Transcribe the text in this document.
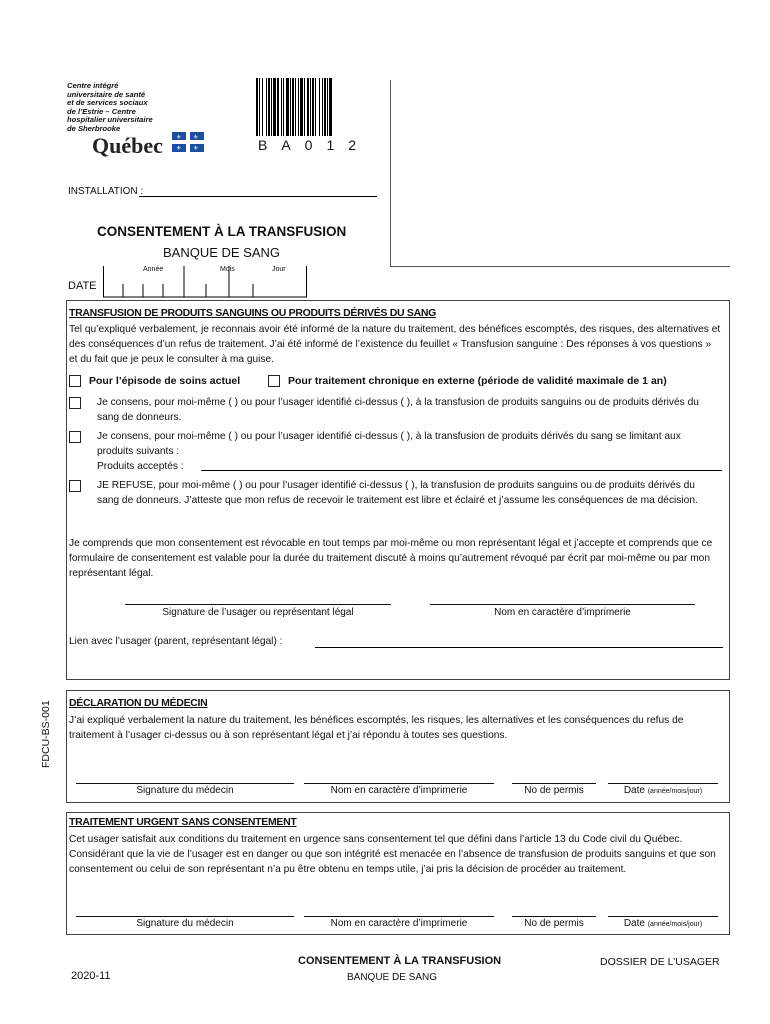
Centre intégré
universitaire de santé
et de services sociaux
de l’Estrie – Centre
hospitalier universitaire
de Sherbrooke
Québec ⚜ ⚜
⚜ ⚜	BA012
INSTALLATION :
CONSENTEMENT À LA TRANSFUSION
BANQUE DE SANG
DATE
Année	Mois	Jour
TRANSFUSION DE PRODUITS SANGUINS OU PRODUITS DÉRIVÉS DU SANG
Tel qu’expliqué verbalement, je reconnais avoir été informé de la nature du traitement, des bénéfices escomptés, des risques, des alternatives et des conséquences d’un refus de traitement. J’ai été informé de l’existence du feuillet « Transfusion sanguine : Des réponses à vos questions » et du fait que je peux le consulter à ma guise.
Pour l’épisode de soins actuel	Pour traitement chronique en externe (période de validité maximale de 1 an)
Je consens, pour moi-même ( ) ou pour l’usager identifié ci-dessus ( ), à la transfusion de produits sanguins ou de produits dérivés du sang de donneurs.
Je consens, pour moi-même ( ) ou pour l’usager identifié ci-dessus ( ), à la transfusion de produits dérivés du sang se limitant aux produits suivants :
Produits acceptés :
JE REFUSE, pour moi-même ( ) ou pour l’usager identifié ci-dessus ( ), la transfusion de produits sanguins ou de produits dérivés du sang de donneurs. J’atteste que mon refus de recevoir le traitement est libre et éclairé et j’assume les conséquences de ma décision.
Je comprends que mon consentement est révocable en tout temps par moi-même ou mon représentant légal et j’accepte et comprends que ce formulaire de consentement est valable pour la durée du traitement discuté à moins qu’autrement révoqué par écrit par moi-même ou par mon représentant légal.
Signature de l’usager ou représentant légal	Nom en caractère d’imprimerie
Lien avec l’usager (parent, représentant légal) :
FDCU-BS-001 DÉCLARATION DU MÉDECIN
J’ai expliqué verbalement la nature du traitement, les bénéfices escomptés, les risques, les alternatives et les conséquences du refus de traitement à l’usager ci-dessus ou à son représentant légal et j’ai répondu à toutes ses questions.
Signature du médecin	Nom en caractère d’imprimerie	No de permis	Date (année/mois/jour)
TRAITEMENT URGENT SANS CONSENTEMENT
Cet usager satisfait aux conditions du traitement en urgence sans consentement tel que défini dans l’article 13 du Code civil du Québec. Considérant que la vie de l’usager est en danger ou que son intégrité est menacée en l’absence de transfusion de produits sanguins et que son consentement ou celui de son représentant n’a pu être obtenu en temps utile, j’ai pris la décision de procéder au traitement.
Signature du médecin	Nom en caractère d’imprimerie	No de permis	Date (année/mois/jour)
2020-11
CONSENTEMENT À LA TRANSFUSION
BANQUE DE SANG
DOSSIER DE L’USAGER
